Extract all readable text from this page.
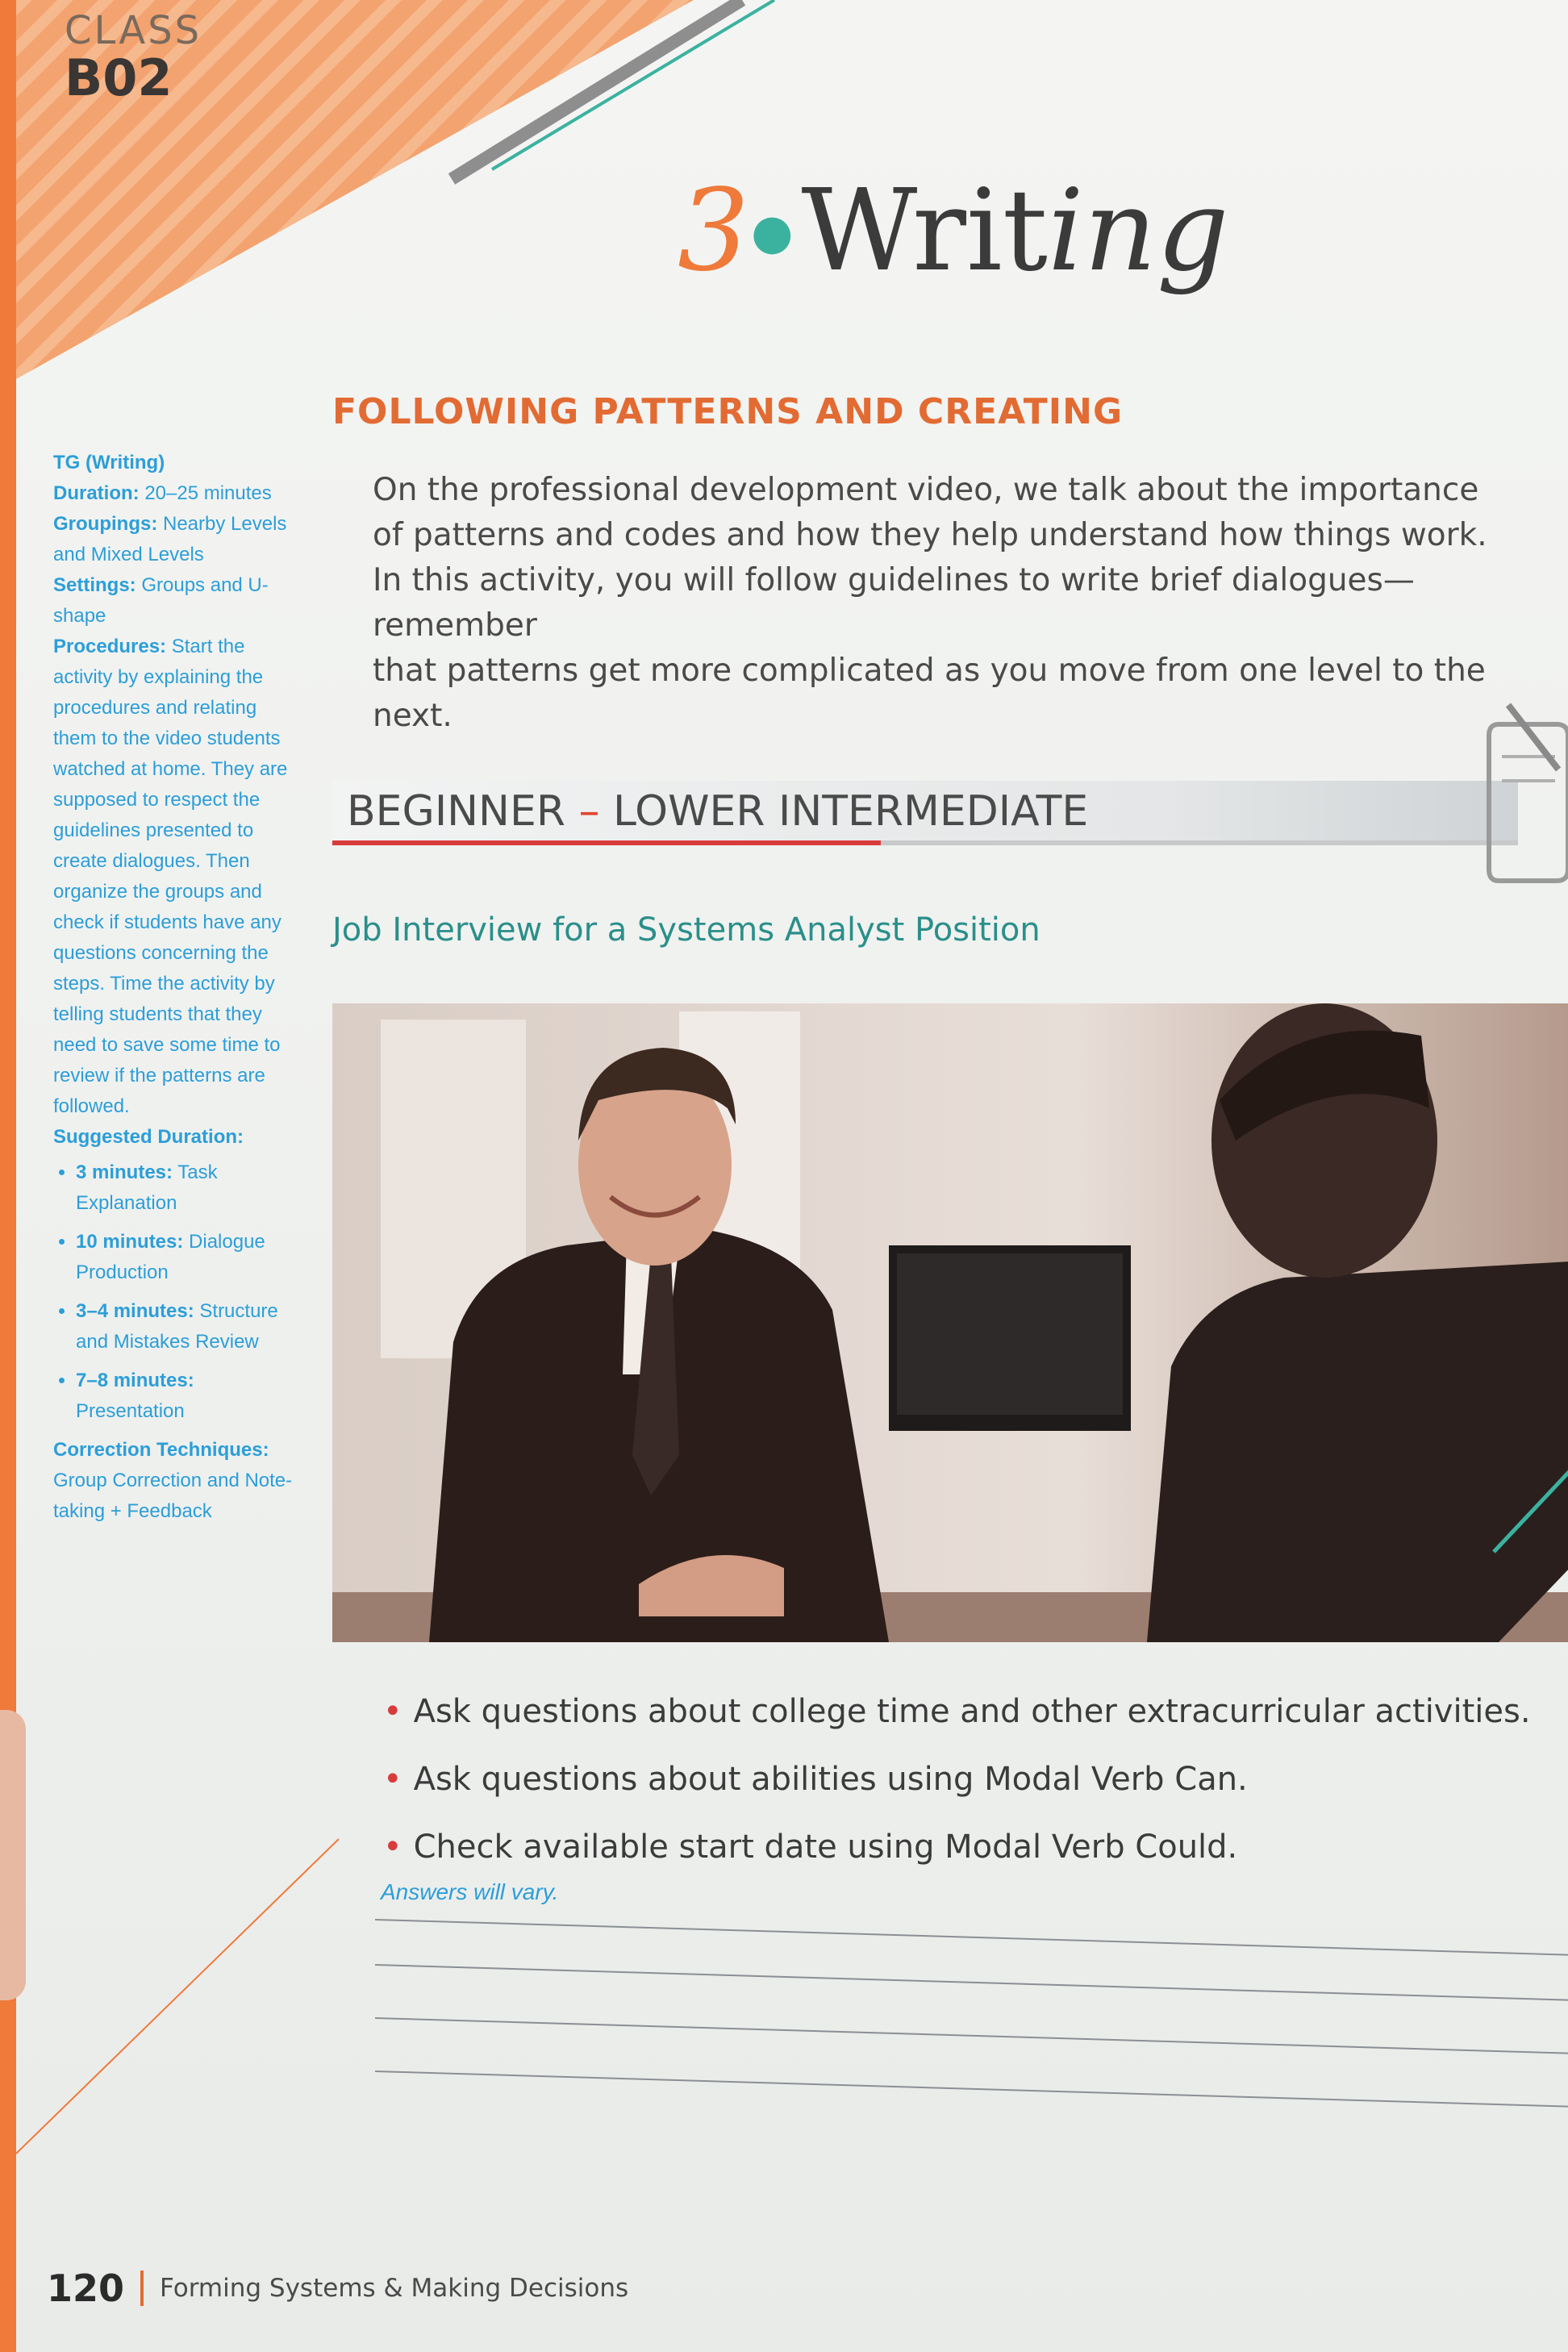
CLASS
B02
3 ● Writ ing
FOLLOWING PATTERNS AND CREATING

On the professional development video, we talk about the importance

of patterns and codes and how they help understand how things work.

In this activity, you will follow guidelines to write brief dialogues—remember

that patterns get more complicated as you move from one level to the next.

TG (Writing)
Duration: 20–25 minutes
Groupings: Nearby Levels and Mixed Levels
Settings: Groups and U-shape
Procedures: Start the activity by explaining the procedures and relating them to the video students watched at home. They are supposed to respect the guidelines presented to create dialogues. Then organize the groups and check if students have any questions concerning the steps. Time the activity by telling students that they need to save some time to review if the patterns are followed.
Suggested Duration:
• 3 minutes: Task Explanation
• 10 minutes: Dialogue Production
• 3–4 minutes: Structure and Mistakes Review
• 7–8 minutes: Presentation
Correction Techniques: Group Correction and Note-taking + Feedback
BEGINNER – LOWER INTERMEDIATE
Job Interview for a Systems Analyst Position
• Ask questions about college time and other extracurricular activities.
• Ask questions about abilities using Modal Verb Can.
• Check available start date using Modal Verb Could.
Answers will vary.
120 Forming Systems & Making Decisions
